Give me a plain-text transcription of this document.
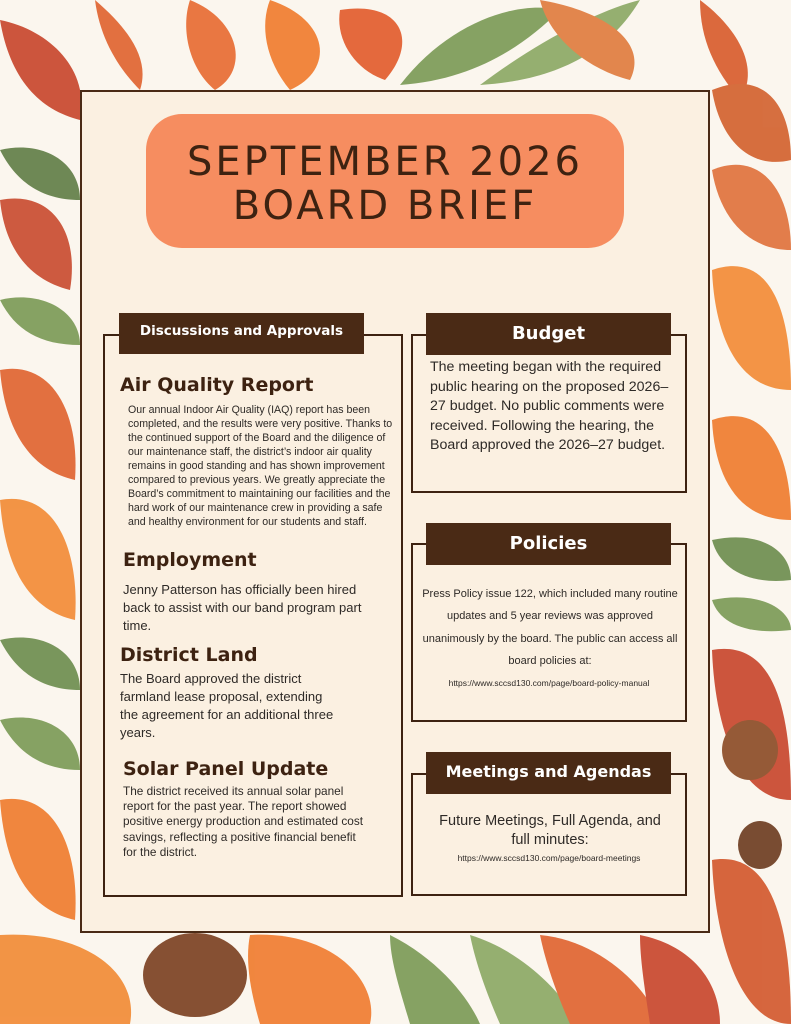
SEPTEMBER 2026
BOARD BRIEF
Discussions and Approvals
Air Quality Report

Our annual Indoor Air Quality (IAQ) report has been completed, and the results were very positive. Thanks to the continued support of the Board and the diligence of our maintenance staff, the district’s indoor air quality remains in good standing and has shown improvement compared to previous years. We greatly appreciate the Board’s commitment to maintaining our facilities and the hard work of our maintenance crew in providing a safe and healthy environment for our students and staff.

Employment

Jenny Patterson has officially been hired back to assist with our band program part time.

District Land

The Board approved the district farmland lease proposal, extending the agreement for an additional three years.

Solar Panel Update

The district received its annual solar panel report for the past year. The report showed positive energy production and estimated cost savings, reflecting a positive financial benefit for the district.

Budget

The meeting began with the required public hearing on the proposed 2026–27 budget. No public comments were received. Following the hearing, the Board approved the 2026–27 budget.

Policies

Press Policy issue 122, which included many routine updates and 5 year reviews was approved unanimously by the board. The public can access all board policies at:

https://www.sccsd130.com/page/board-policy-manual

Meetings and Agendas

Future Meetings, Full Agenda, and full minutes:

https://www.sccsd130.com/page/board-meetings
